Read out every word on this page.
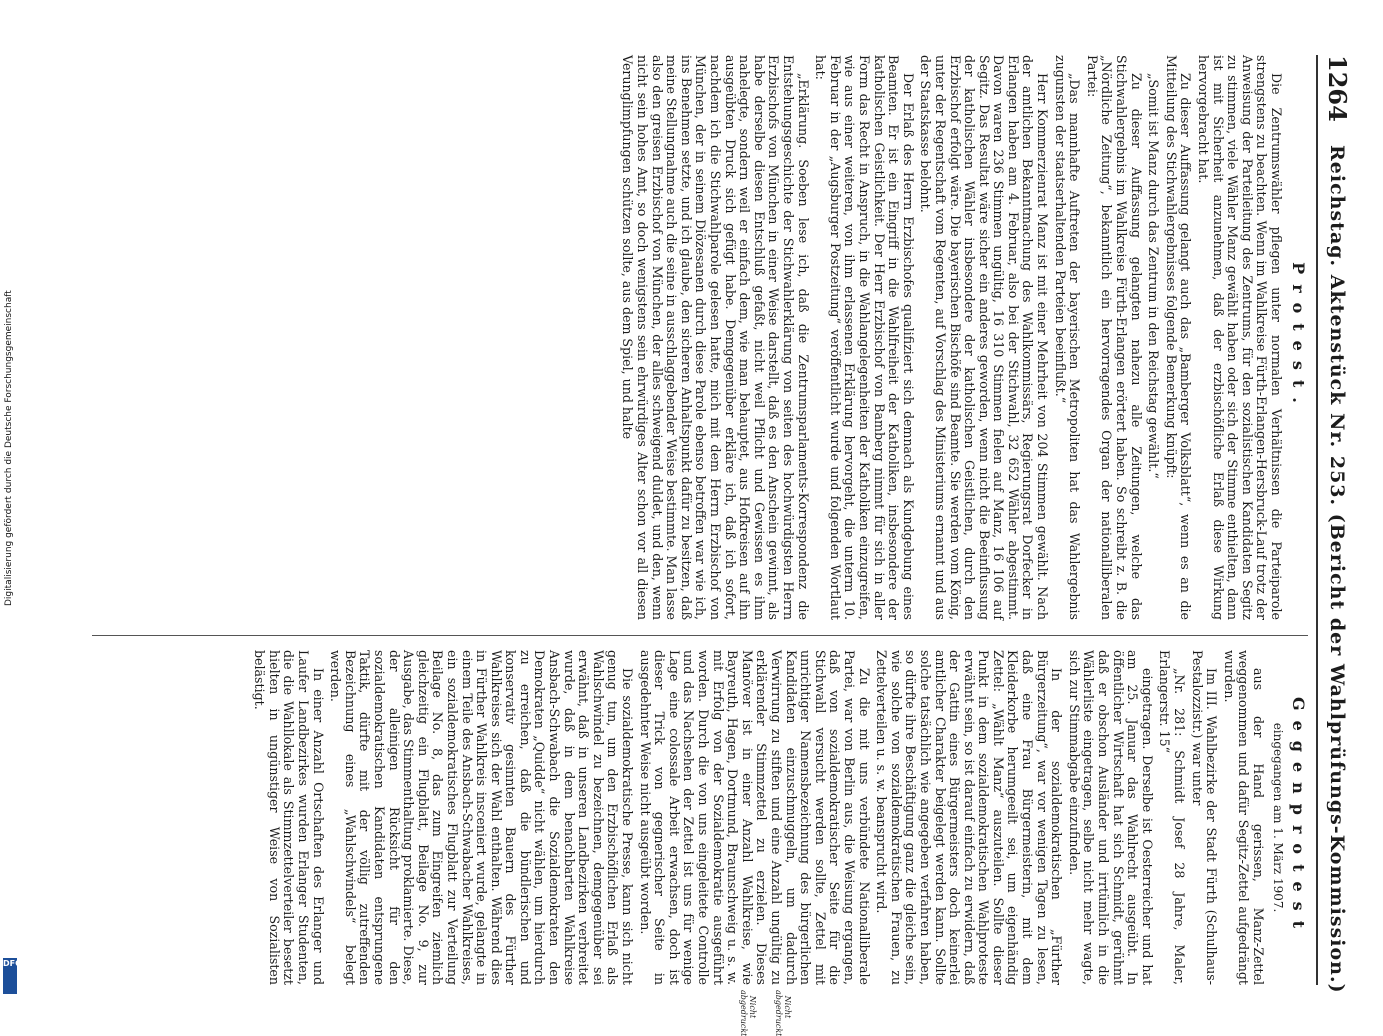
1264
Reichstag. Aktenstück Nr. 253. (Bericht der Wahlprüfungs-Kommission.)
Protest.

Die Zentrumswähler pflegen unter normalen Verhältnissen die Parteiparole strengstens zu beachten. Wenn im Wahlkreise Fürth-Erlangen-Hersbruck-Lauf trotz der Anweisung der Parteileitung des Zentrums, für den sozialistischen Kandidaten Segitz zu stimmen, viele Wähler Manz gewählt haben oder sich der Stimme enthielten, dann ist mit Sicherheit anzunehmen, daß der erzbischöfliche Erlaß diese Wirkung hervorgebracht hat.

Zu dieser Auffassung gelangt auch das „Bamberger Volksblatt“, wenn es an die Mitteilung des Stichwahlergebnisses folgende Bemerkung knüpft:

„Somit ist Manz durch das Zentrum in den Reichstag gewählt.“

Zu dieser Auffassung gelangten nahezu alle Zeitungen, welche das Stichwahlergebnis im Wahlkreise Fürth-Erlangen erörtert haben. So schreibt z. B. die „Nördliche Zeitung“, bekanntlich ein hervorragendes Organ der nationalliberalen Partei:

„Das mannhafte Auftreten der bayerischen Metropoliten hat das Wahlergebnis zugunsten der staatserhaltenden Parteien beeinflußt.“

Herr Kommerzienrat Manz ist mit einer Mehrheit von 204 Stimmen gewählt. Nach der amtlichen Bekanntmachung des Wahlkommissärs, Regierungsrat Dorfecker in Erlangen haben am 4. Februar, also bei der Stichwahl, 32 652 Wähler abgestimmt. Davon waren 236 Stimmen ungültig, 16 310 Stimmen fielen auf Manz, 16 106 auf Segitz. Das Resultat wäre sicher ein anderes geworden, wenn nicht die Beeinflussung der katholischen Wähler insbesondere der katholischen Geistlichen, durch den Erzbischof erfolgt wäre. Die bayerischen Bischöfe sind Beamte. Sie werden vom König, unter der Regentschaft vom Regenten, auf Vorschlag des Ministeriums ernannt und aus der Staatskasse belohnt.

Der Erlaß des Herrn Erzbischofes qualifiziert sich demnach als Kundgebung eines Beamten. Er ist ein Eingriff in die Wahlfreiheit der Katholiken, insbesondere der katholischen Geistlichkeit. Der Herr Erzbischof von Bamberg nimmt für sich in aller Form das Recht in Anspruch, in die Wahlangelegenheiten der Katholiken einzugreifen, wie aus einer weiteren, von ihm erlassenen Erklärung hervorgeht, die unterm 10. Februar in der „Augsburger Postzeitung“ veröffentlicht wurde und folgenden Wortlaut hat:

„Erklärung. Soeben lese ich, daß die Zentrumsparlaments-Korrespondenz die Entstehungsgeschichte der Stichwahlerklärung von seiten des hochwürdigsten Herrn Erzbischofs von München in einer Weise darstellt, daß es den Anschein gewinnt, als habe derselbe diesen Entschluß gefaßt, nicht weil Pflicht und Gewissen es ihm nahelegte, sondern weil er einfach dem, wie man behauptet, aus Hofkreisen auf ihn ausgeübten Druck sich gefügt habe. Demgegenüber erkläre ich, daß ich sofort, nachdem ich die Stichwahlparole gelesen hatte, mich mit dem Herrn Erzbischof von München, der in seinem Diözesanen durch diese Parole ebenso betroffen war wie ich, ins Benehmen setzte, und ich glaube, den sicheren Anhaltspunkt dafür zu besitzen, daß meine Stellungnahme auch die seine in ausschlaggebender Weise bestimmte. Man lasse also den greisen Erzbischof von München, der alles schweigend duldet, und den, wenn nicht sein hohes Amt, so doch wenigstens sein ehrwürdiges Alter schon vor all diesen Verunglimpfungen schützen sollte, aus dem Spiel, und halte

Gegenprotest
eingegangen am 1. März 1907.

aus der Hand gerissen, Manz-Zettel weggenommen und dafür Segitz-Zettel aufgedrängt wurden.

Im III. Wahlbezirke der Stadt Fürth (Schulhaus-Pestalozzistr.) war unter

„Nr. 281: Schmidt Josef 28 Jahre, Maler, Erlangerstr. 15“

eingetragen. Derselbe ist Oesterreicher und hat am 25. Januar das Wahlrecht ausgeübt. In öffentlicher Wirtschaft hat sich Schmidt, gerühmt daß er obschon Ausländer und irrtümlich in die Wählerliste eingetragen, selbe nicht mehr wagte, sich zur Stimmabgabe einzufinden.

In der sozialdemokratischen „Fürther Bürgerzeitung“, war vor wenigen Tagen zu lesen, daß eine Frau Bürgermeisterin, mit dem Kleiderkorbe herumgeeilt sei, um eigenhändig Zettel: „Wählt Manz“ auszuteilen. Sollte dieser Punkt in dem sozialdemokratischen Wahlproteste erwähnt sein, so ist darauf einfach zu erwidern, daß der Gattin eines Bürgermeisters doch keinerlei amtlicher Charakter beigelegt werden kann. Sollte solche tatsächlich wie angegeben verfahren haben, so dürfte ihre Beschäftigung ganz die gleiche sein, wie solche von sozialdemokratischen Frauen, zu Zettelverteilen u. s. w. beansprucht wird.

Zu die mit uns verbündete Nationalliberale Partei, war von Berlin aus, die Weisung ergangen, daß von sozialdemokratischer Seite für die Stichwahl versucht werden sollte, Zettel mit unrichtiger Namensbezeichnung des bürgerlichen Kandidaten einzuschmuggeln, um dadurch Verwirrung zu stiften und eine Anzahl ungültig zu erklärender Stimmzettel zu erzielen. Dieses Manöver ist in einer Anzahl Wahlkreise, wie Bayreuth, Hagen, Dortmund, Braunschweig u. s. w. mit Erfolg von der Sozialdemokratie ausgeführt worden. Durch die von uns eingeleitete Controlle und das Nachsehen der Zettel ist uns für wenige Lage eine colossale Arbeit erwachsen, doch ist dieser Trick von gegnerischer Seite in ausgedehnter Weise nicht ausgeübt worden.

Die sozialdemokratische Presse, kann sich nicht genug tun, um den Erzbischöflichen Erlaß als Wahlschwindel zu bezeichnen, demgegenüber sei erwähnt, daß in unseren Landbezirken verbreitet wurde, daß in dem benachbarten Wahlkreise Ansbach-Schwabach die Sozialdemokraten den Demokraten „Quidde“ nicht wählen, um hierdurch zu erreichen, daß die bündlerischen und konservativ gesinnten Bauern des Fürther Wahlkreises sich der Wahl enthalten. Während dies in Fürther Wahlkreis insceniert wurde, gelangte in einem Teile des Ansbach-Schwabacher Wahlkreises, ein sozialdemokratisches Flugblatt zur Verteilung Beilage No. 8, das zum Eingreifen ziemlich gleichzeitig ein Flugblatt, Beilage No. 9, zur Ausgabe, das Stimmenthaltung proklamierte. Diese, der alleinigen Rücksicht für den sozialdemokratischen Kandidaten entsprungene Taktik, dürfte mit der völlig zutreffenden Bezeichnung eines „Wahlschwindels“ belegt werden.

In einer Anzahl Ortschaften des Erlanger und Laufer Landbezirkes wurden Erlanger Studenten, die die Wahllokale als Stimmzettelverteiler besetzt hielten in ungünstiger Weise von Sozialisten belästigt.

Nicht abgedruckt
Nicht abgedruckt
Digitalisierung gefördert durch die Deutsche Forschungsgemeinschaft
DFG
